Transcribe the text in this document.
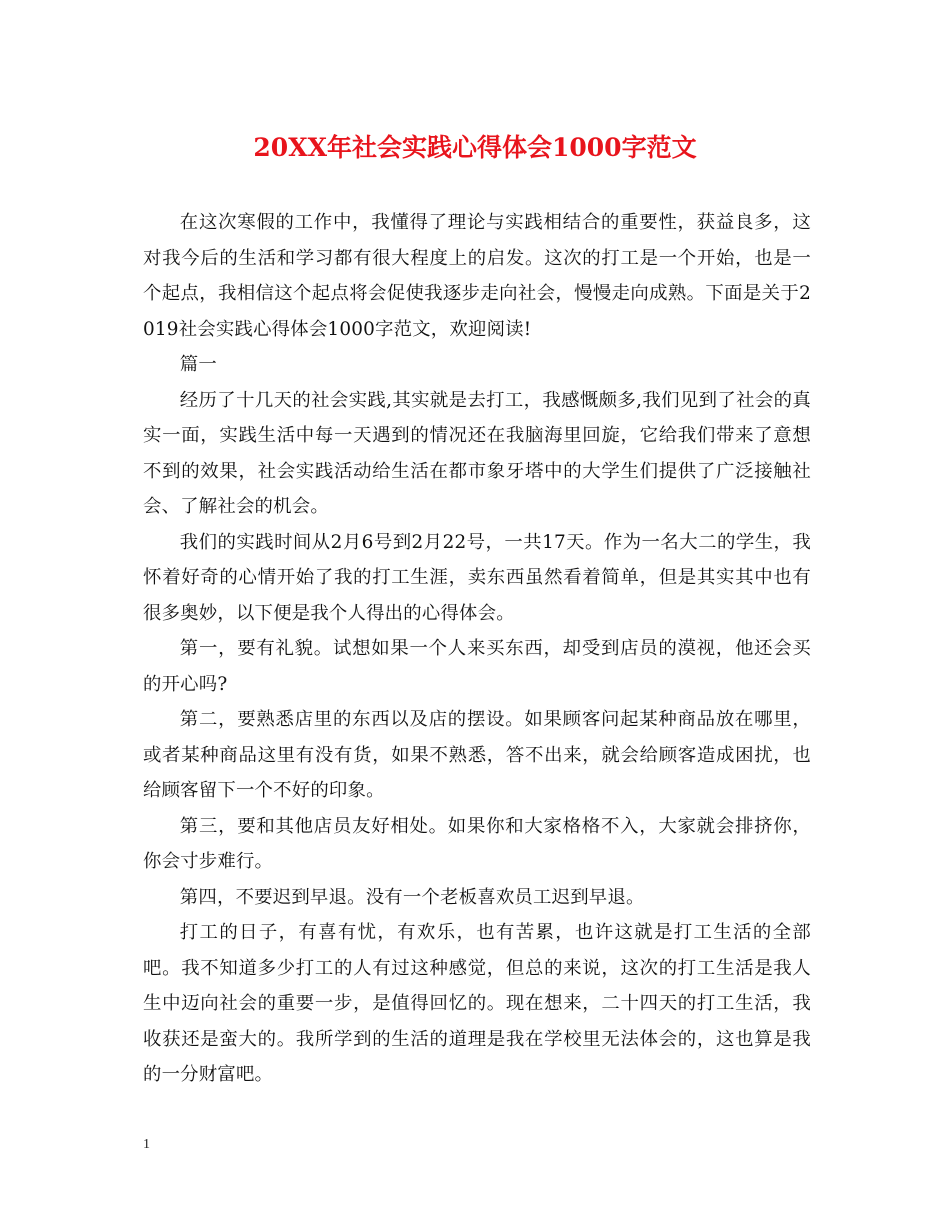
20XX年社会实践心得体会1000字范文

在这次寒假的工作中，我懂得了理论与实践相结合的重要性，获益良多，这对我今后的生活和学习都有很大程度上的启发。这次的打工是一个开始，也是一个起点，我相信这个起点将会促使我逐步走向社会，慢慢走向成熟。下面是关于2019社会实践心得体会1000字范文，欢迎阅读!

篇一

经历了十几天的社会实践,其实就是去打工，我感慨颇多,我们见到了社会的真实一面，实践生活中每一天遇到的情况还在我脑海里回旋，它给我们带来了意想不到的效果，社会实践活动给生活在都市象牙塔中的大学生们提供了广泛接触社会、了解社会的机会。

我们的实践时间从2月6号到2月22号，一共17天。作为一名大二的学生，我怀着好奇的心情开始了我的打工生涯，卖东西虽然看着简单，但是其实其中也有很多奥妙，以下便是我个人得出的心得体会。

第一，要有礼貌。试想如果一个人来买东西，却受到店员的漠视，他还会买的开心吗?

第二，要熟悉店里的东西以及店的摆设。如果顾客问起某种商品放在哪里，或者某种商品这里有没有货，如果不熟悉，答不出来，就会给顾客造成困扰，也给顾客留下一个不好的印象。

第三，要和其他店员友好相处。如果你和大家格格不入，大家就会排挤你，你会寸步难行。

第四，不要迟到早退。没有一个老板喜欢员工迟到早退。

打工的日子，有喜有忧，有欢乐，也有苦累，也许这就是打工生活的全部吧。我不知道多少打工的人有过这种感觉，但总的来说，这次的打工生活是我人生中迈向社会的重要一步，是值得回忆的。现在想来，二十四天的打工生活，我收获还是蛮大的。我所学到的生活的道理是我在学校里无法体会的，这也算是我的一分财富吧。

1
